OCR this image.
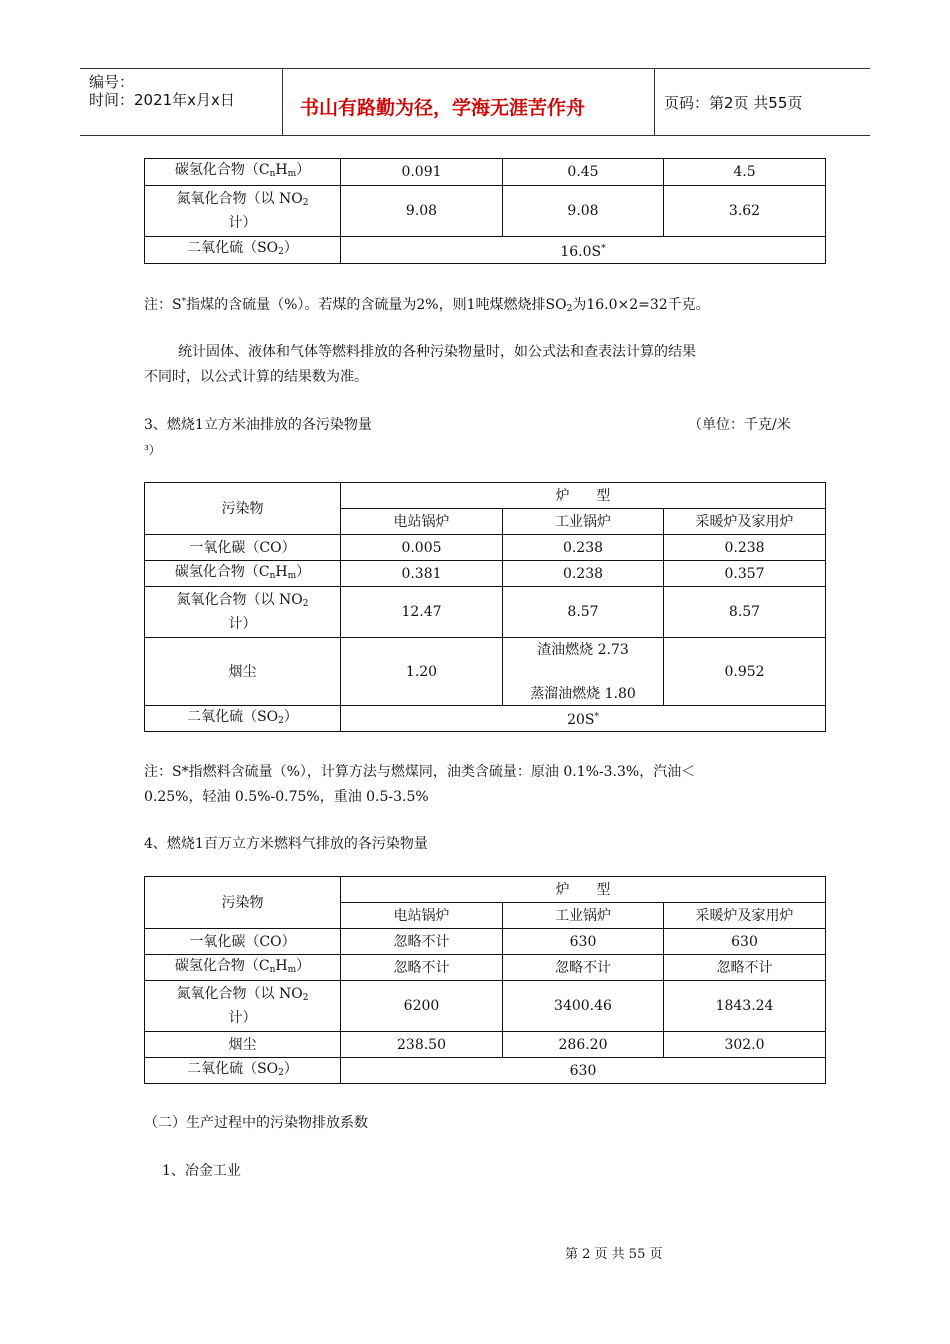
编号：
时间：2021年x月x日	书山有路勤为径，学海无涯苦作舟	页码：第2页 共55页
碳氢化合物$(C_nH_m)$	0.091	0.45	4.5
氮氧化合物（以 $NO_2$
计）	9.08	9.08	3.62
二氧化硫$(SO_2)$	16.0S*
注：S*指煤的含硫量（%）。若煤的含硫量为2%，则1吨煤燃烧排$SO_2$为16.0×2=32千克。
统计固体、液体和气体等燃料排放的各种污染物量时，如公式法和查表法计算的结果
不同时，以公式计算的结果数为准。
3、燃烧1立方米油排放的各污染物量	（单位：千克/米
³）
污染物	炉      型		
	电站锅炉	工业锅炉	采暖炉及家用炉
一氧化碳（CO）	0.005	0.238	0.238
碳氢化合物$(C_nH_m)$	0.381	0.238	0.357
氮氧化合物（以 $NO_2$
计）	12.47	8.57	8.57
烟尘	1.20	渣油燃烧 2.73

蒸溜油燃烧 1.80	0.952
二氧化硫$(SO_2)$	20S*
注：S*指燃料含硫量（%），计算方法与燃煤同，油类含硫量：原油 0.1%-3.3%，汽油＜
0.25%，轻油 0.5%-0.75%，重油 0.5-3.5%
4、燃烧1百万立方米燃料气排放的各污染物量
污染物	炉      型		
	电站锅炉	工业锅炉	采暖炉及家用炉
一氧化碳（CO）	忽略不计	630	630
碳氢化合物$(C_nH_m)$	忽略不计	忽略不计	忽略不计
氮氧化合物（以 $NO_2$
计）	6200	3400.46	1843.24
烟尘	238.50	286.20	302.0
二氧化硫$(SO_2)$	630		
（二）生产过程中的污染物排放系数
1、冶金工业
第 2 页 共 55 页
